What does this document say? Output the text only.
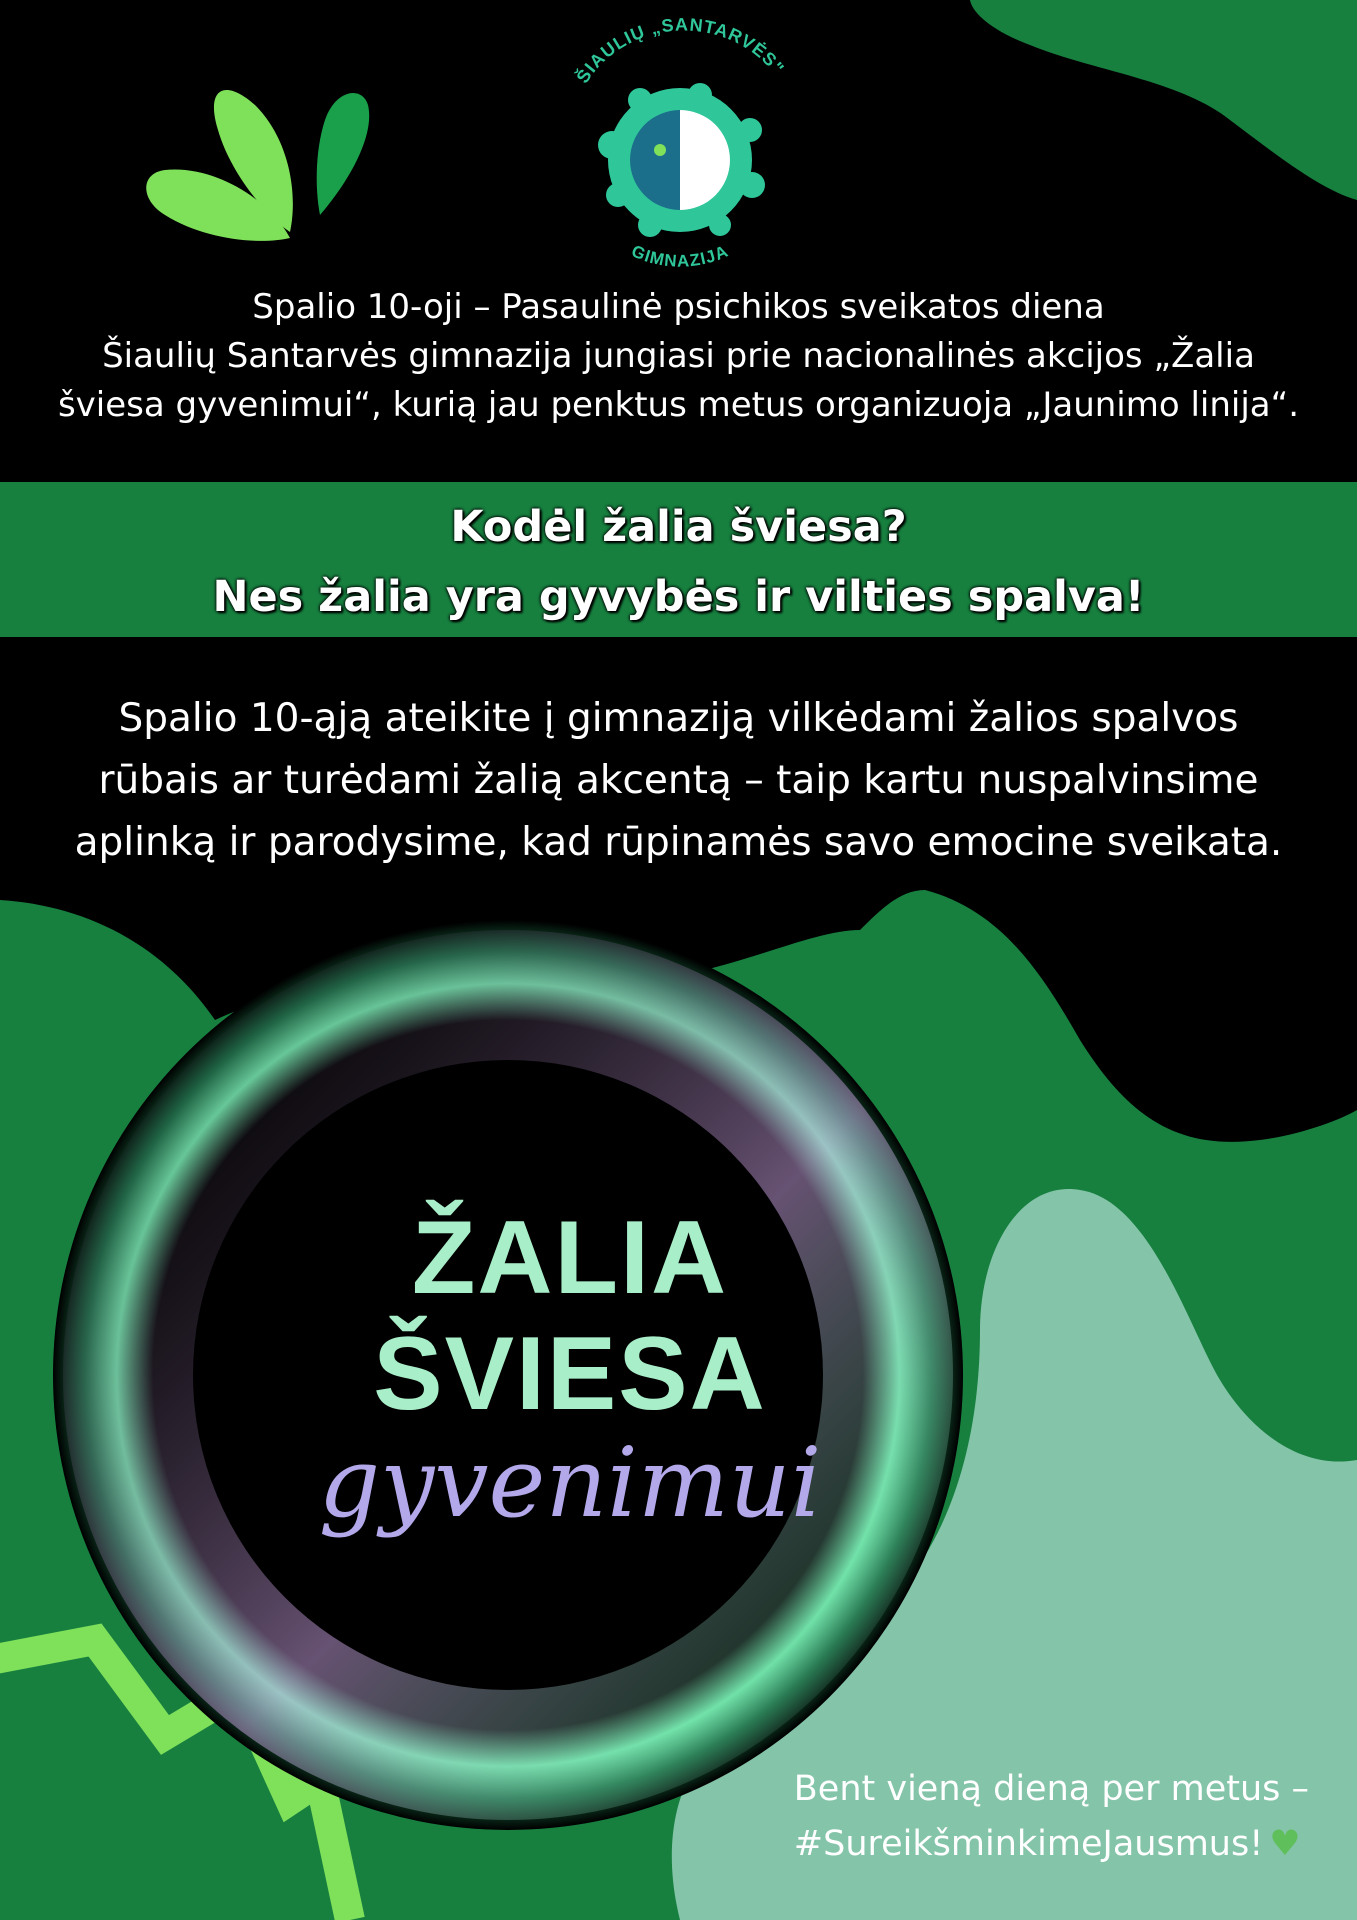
ŠIAULIŲ „SANTARVĖS"
GIMNAZIJA
Spalio 10-oji – Pasaulinė psichikos sveikatos diena
Šiaulių Santarvės gimnazija jungiasi prie nacionalinės akcijos „Žalia
šviesa gyvenimui“, kurią jau penktus metus organizuoja „Jaunimo linija“.
Kodėl žalia šviesa?
Nes žalia yra gyvybės ir vilties spalva!
Spalio 10-ąją ateikite į gimnaziją vilkėdami žalios spalvos
rūbais ar turėdami žalią akcentą – taip kartu nuspalvinsime
aplinką ir parodysime, kad rūpinamės savo emocine sveikata.
ŽALIA
ŠVIESA
gyvenimui
Bent vieną dieną per metus –
#SureikšminkimeJausmus! ♥
